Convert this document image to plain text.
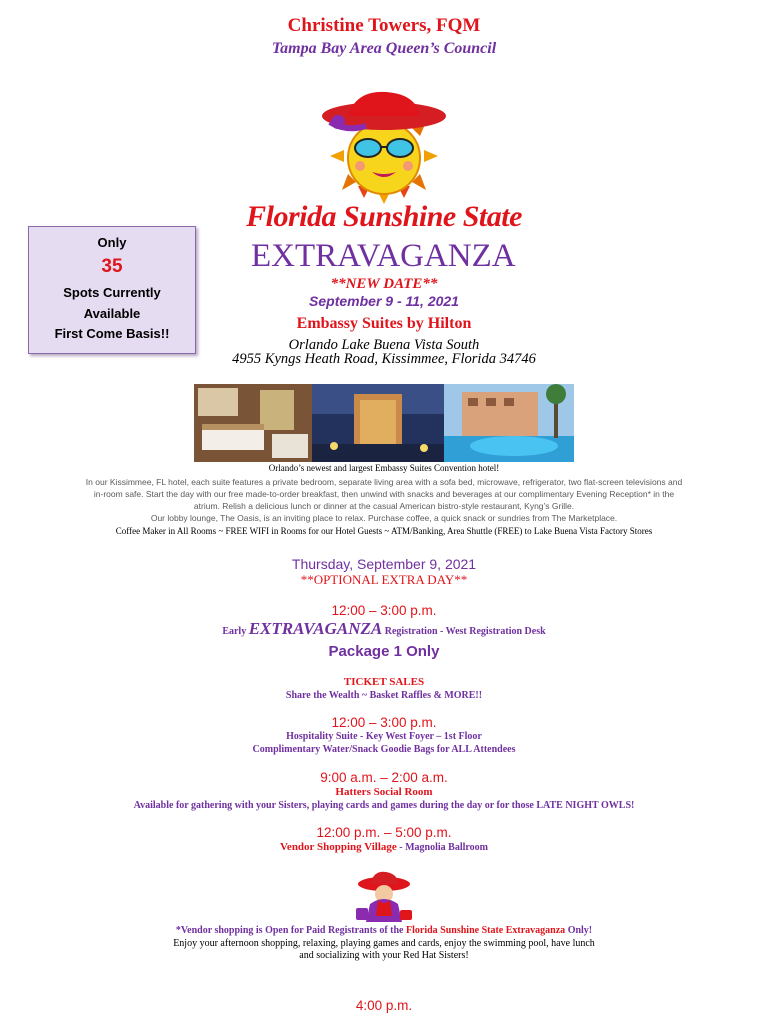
Christine Towers, FQM
Tampa Bay Area Queen’s Council
Florida Sunshine State
EXTRAVAGANZA
**NEW DATE**
September 9 - 11, 2021
Embassy Suites by Hilton
Orlando Lake Buena Vista South
4955 Kyngs Heath Road, Kissimmee, Florida 34746
Only
35
Spots Currently
Available
First Come Basis!!
Orlando’s newest and largest Embassy Suites Convention hotel!
In our Kissimmee, FL hotel, each suite features a private bedroom, separate living area with a sofa bed, microwave, refrigerator, two flat-screen televisions and
in-room safe. Start the day with our free made-to-order breakfast, then unwind with snacks and beverages at our complimentary Evening Reception* in the
atrium. Relish a delicious lunch or dinner at the casual American bistro-style restaurant, Kyng’s Grille.
Our lobby lounge, The Oasis, is an inviting place to relax. Purchase coffee, a quick snack or sundries from The Marketplace.
Coffee Maker in All Rooms ~ FREE WIFI in Rooms for our Hotel Guests ~ ATM/Banking, Area Shuttle (FREE) to Lake Buena Vista Factory Stores
Thursday, September 9, 2021
**OPTIONAL EXTRA DAY**
12:00 – 3:00 p.m.
Early EXTRAVAGANZA Registration - West Registration Desk
Package 1 Only
TICKET SALES
Share the Wealth ~ Basket Raffles & MORE!!
12:00 – 3:00 p.m.
Hospitality Suite - Key West Foyer – 1st Floor
Complimentary Water/Snack Goodie Bags for ALL Attendees
9:00 a.m. – 2:00 a.m.
Hatters Social Room
Available for gathering with your Sisters, playing cards and games during the day or for those LATE NIGHT OWLS!
12:00 p.m. – 5:00 p.m.
Vendor Shopping Village - Magnolia Ballroom
*Vendor shopping is Open for Paid Registrants of the Florida Sunshine State Extravaganza Only!
Enjoy your afternoon shopping, relaxing, playing games and cards, enjoy the swimming pool, have lunch
and socializing with your Red Hat Sisters!
4:00 p.m.
